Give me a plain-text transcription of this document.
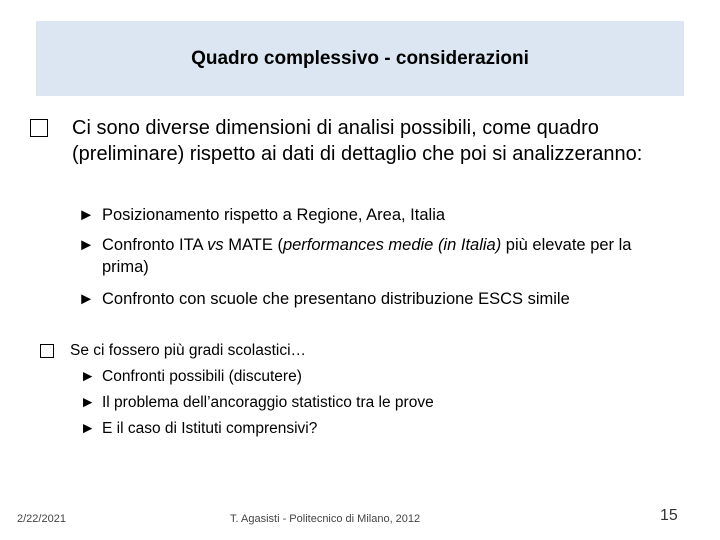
Quadro complessivo - considerazioni
Ci sono diverse dimensioni di analisi possibili, come quadro (preliminare) rispetto ai dati di dettaglio che poi si analizzeranno:
► Posizionamento rispetto a Regione, Area, Italia
► Confronto ITA vs MATE (performances medie (in Italia) più elevate per la prima)
► Confronto con scuole che presentano distribuzione ESCS simile
Se ci fossero più gradi scolastici…
► Confronti possibili (discutere)
► Il problema dell’ancoraggio statistico tra le prove
► E il caso di Istituti comprensivi?
2/22/2021	T. Agasisti - Politecnico di Milano, 2012	15
